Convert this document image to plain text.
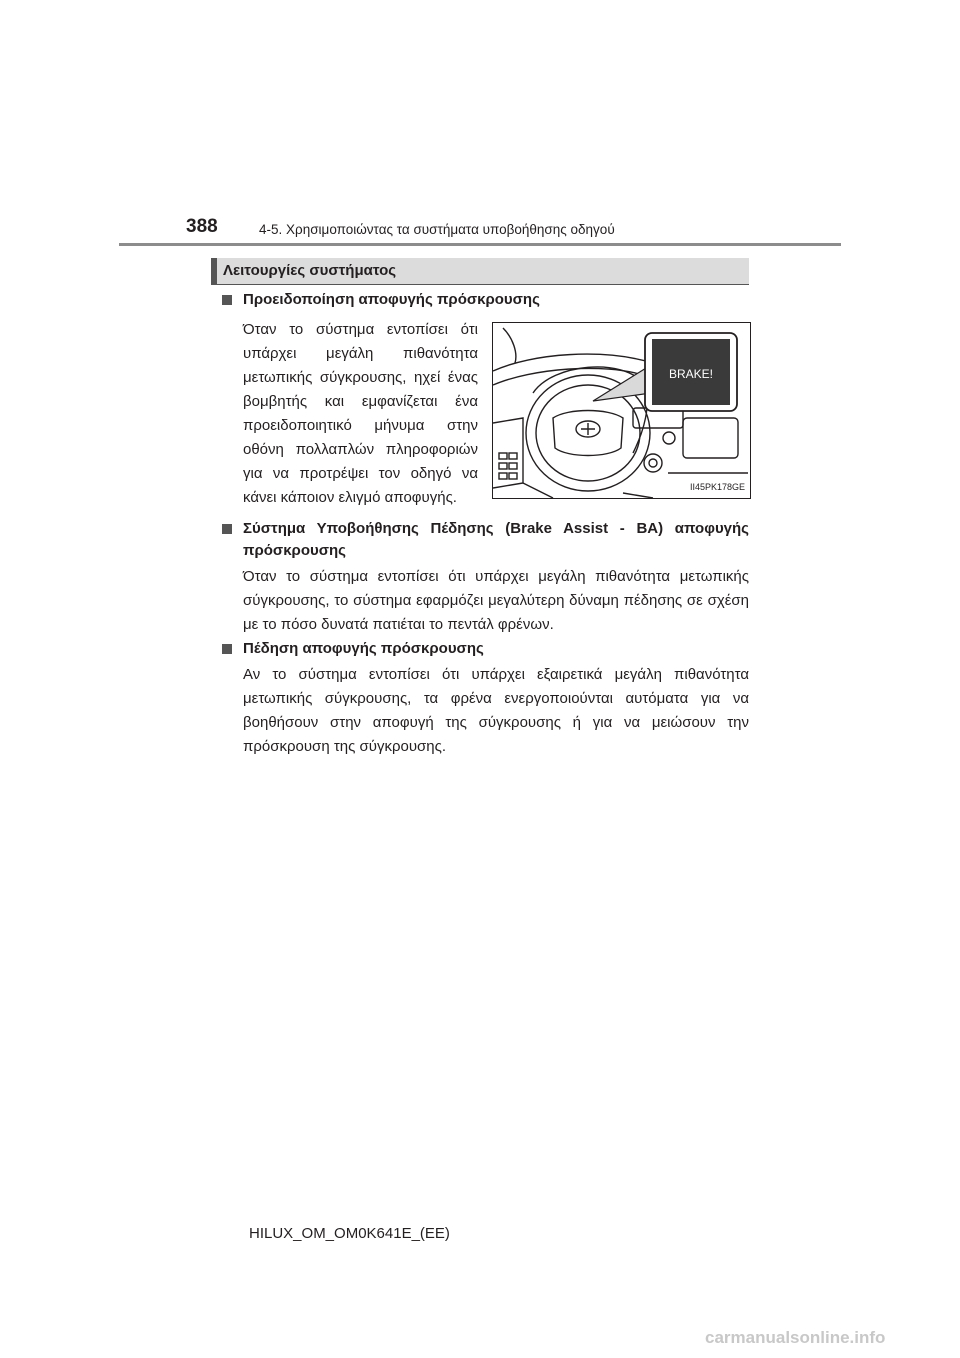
388	4-5. Χρησιμοποιώντας τα συστήματα υποβοήθησης οδηγού
Λειτουργίες συστήματος
Προειδοποίηση αποφυγής πρόσκρουσης
Όταν το σύστημα εντοπίσει ότι υπάρχει μεγάλη πιθανότητα μετωπικής σύγκρουσης, ηχεί ένας βομβητής και εμφανίζεται ένα προειδοποιητικό μήνυμα στην οθόνη πολλαπλών πληροφοριών για να προτρέψει τον οδηγό να κάνει κάποιον ελιγμό αποφυγής.
BRAKE!
II45PK178GE
Σύστημα Υποβοήθησης Πέδησης (Brake Assist - BA) αποφυγής πρόσκρουσης
Όταν το σύστημα εντοπίσει ότι υπάρχει μεγάλη πιθανότητα μετωπικής σύγκρουσης, το σύστημα εφαρμόζει μεγαλύτερη δύναμη πέδησης σε σχέση με το πόσο δυνατά πατιέται το πεντάλ φρένων.
Πέδηση αποφυγής πρόσκρουσης
Αν το σύστημα εντοπίσει ότι υπάρχει εξαιρετικά μεγάλη πιθανότητα μετωπικής σύγκρουσης, τα φρένα ενεργοποιούνται αυτόματα για να βοηθήσουν στην αποφυγή της σύγκρουσης ή για να μειώσουν την πρόσκρουση της σύγκρουσης.
HILUX_OM_OM0K641E_(EE)
carmanualsonline.info
